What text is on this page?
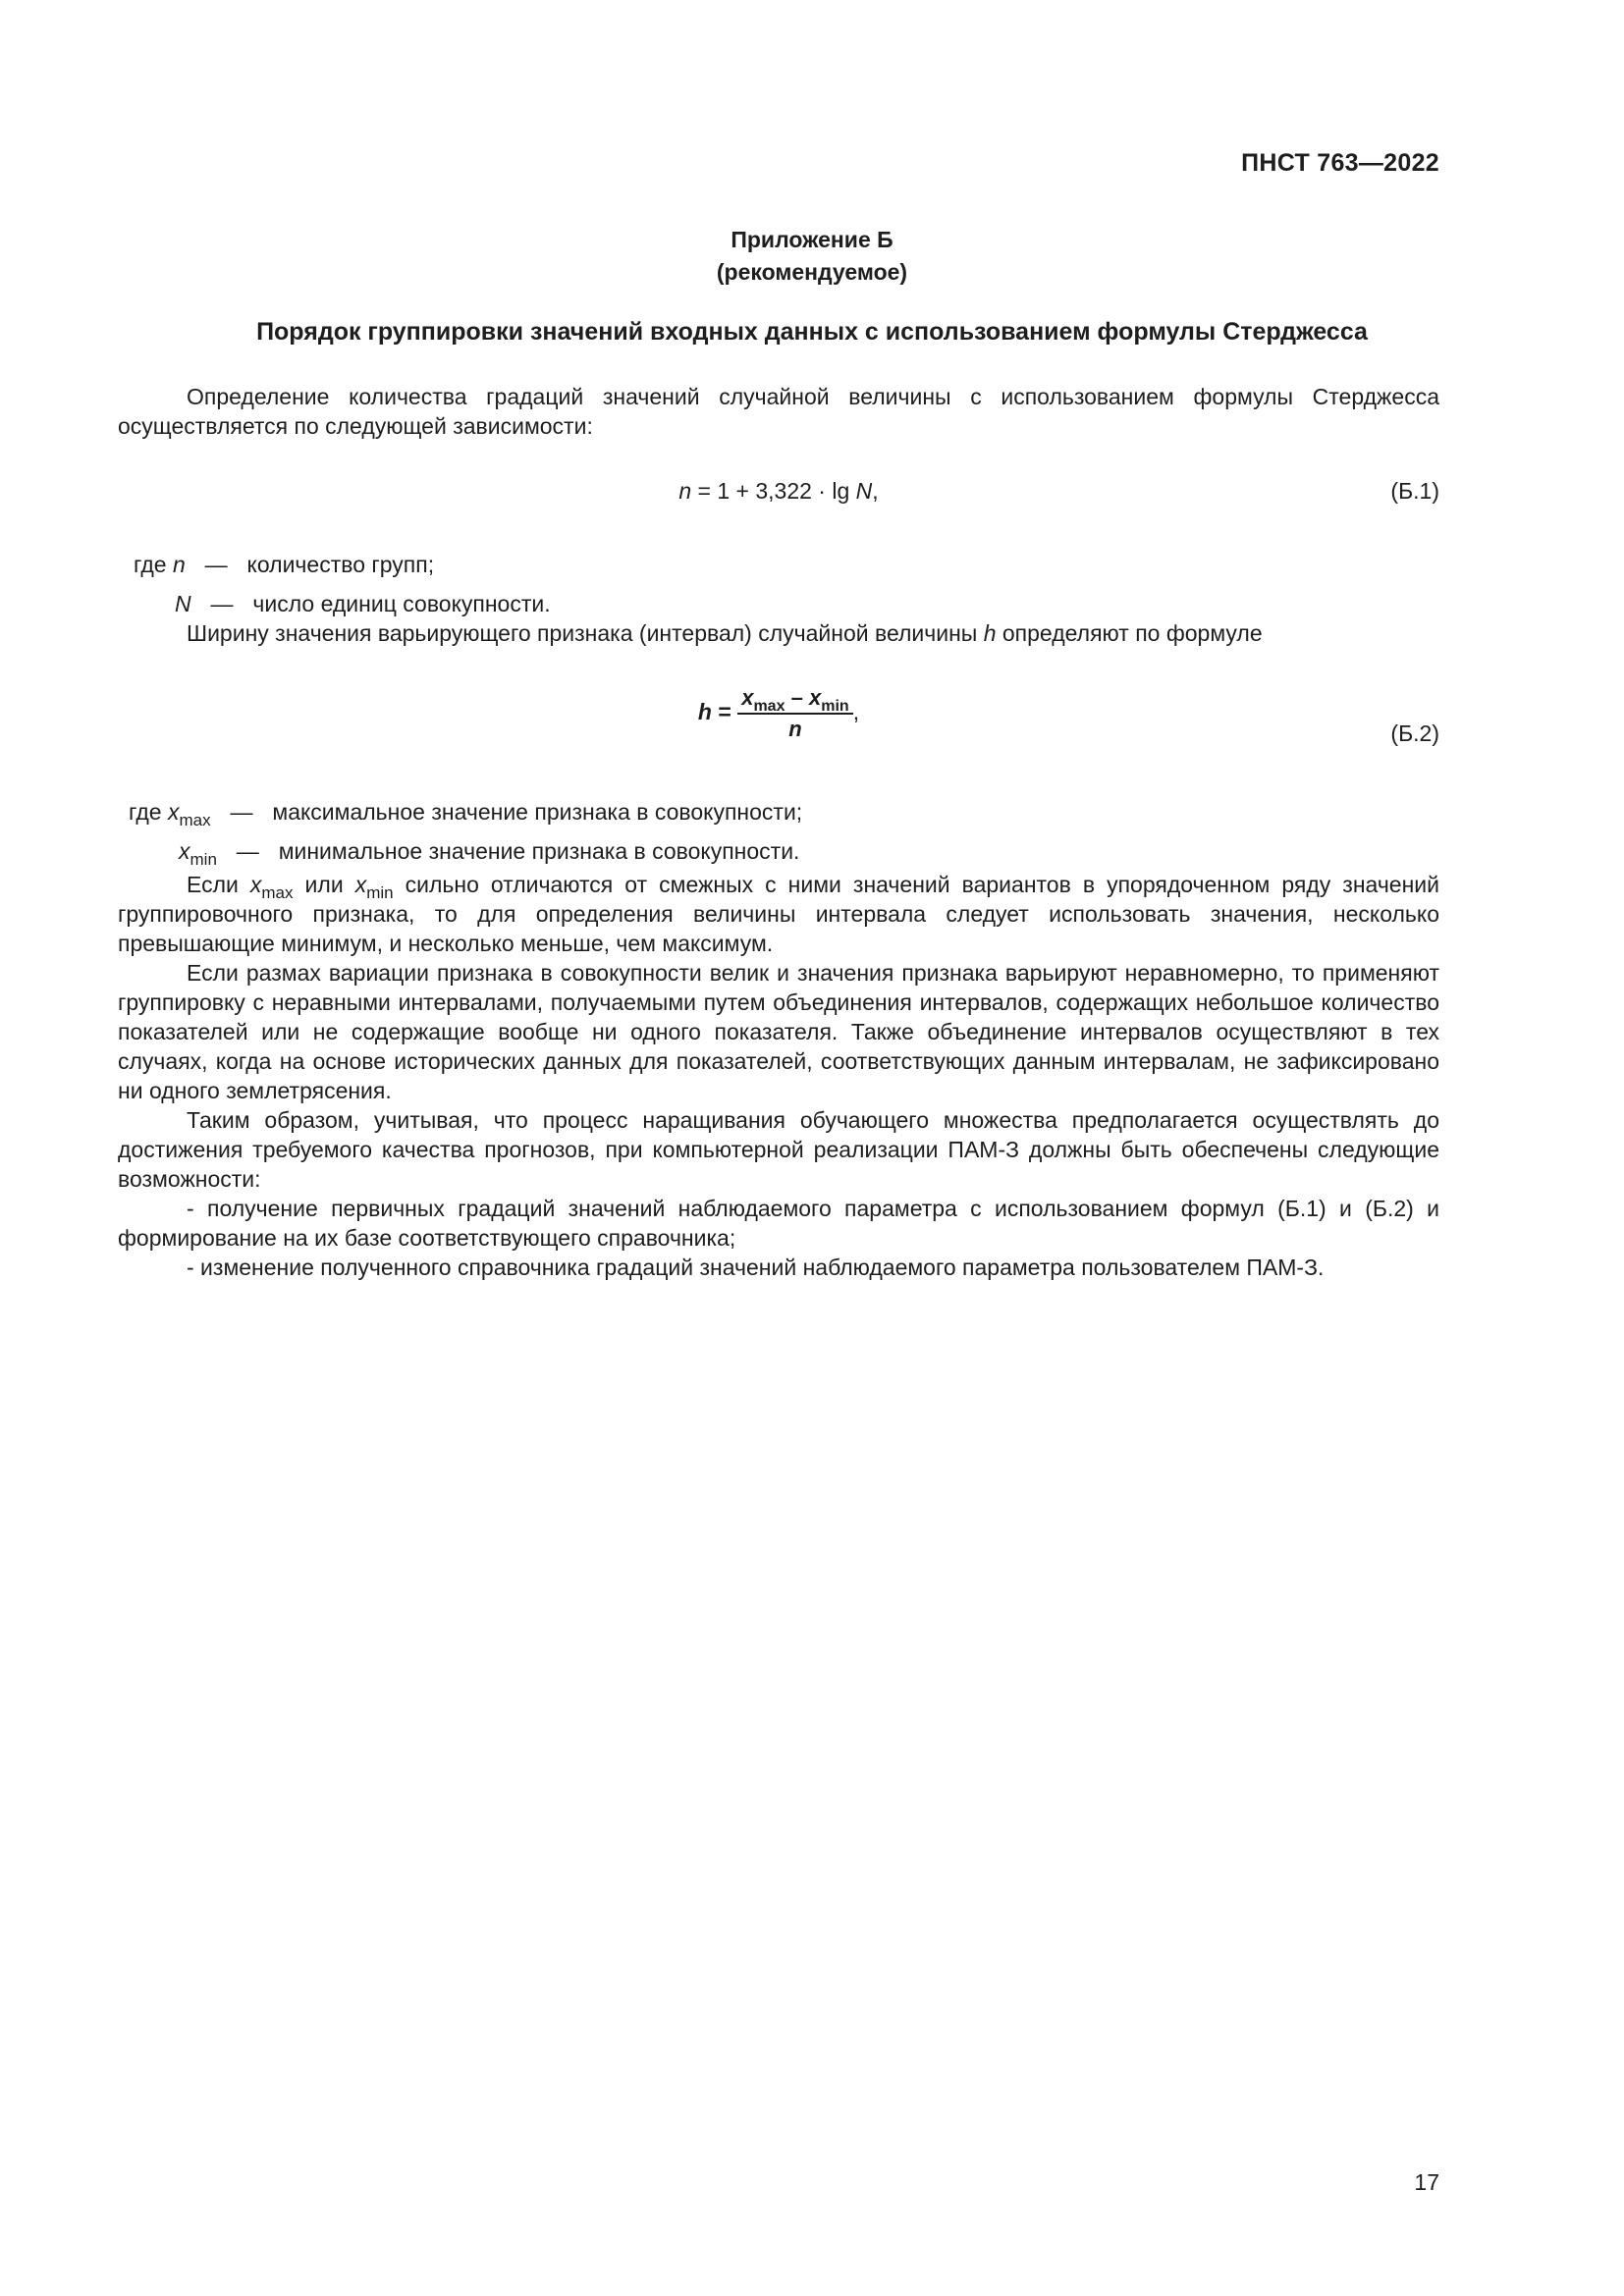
ПНСТ 763—2022
Приложение Б
(рекомендуемое)
Порядок группировки значений входных данных с использованием формулы Стерджесса

Определение количества градаций значений случайной величины с использованием формулы Стерджесса осуществляется по следующей зависимости:

n = 1 + 3,322 · lg N,	(Б.1)
где n — количество групп;
N — число единиц совокупности.

Ширину значения варьирующего признака (интервал) случайной величины h определяют по формуле

$h = \frac{x_{max} - x_{min}}{n}$ ,
(Б.2)
где $x_{max}$ — максимальное значение признака в совокупности;
$x_{min}$ — минимальное значение признака в совокупности.

Если $x_{max}$ или $x_{min}$ сильно отличаются от смежных с ними значений вариантов в упорядоченном ряду значений группировочного признака, то для определения величины интервала следует использовать значения, несколько превышающие минимум, и несколько меньше, чем максимум.

Если размах вариации признака в совокупности велик и значения признака варьируют неравномерно, то применяют группировку с неравными интервалами, получаемыми путем объединения интервалов, содержащих небольшое количество показателей или не содержащие вообще ни одного показателя. Также объединение интервалов осуществляют в тех случаях, когда на основе исторических данных для показателей, соответствующих данным интервалам, не зафиксировано ни одного землетрясения.

Таким образом, учитывая, что процесс наращивания обучающего множества предполагается осуществлять до достижения требуемого качества прогнозов, при компьютерной реализации ПАМ-З должны быть обеспечены следующие возможности:

- получение первичных градаций значений наблюдаемого параметра с использованием формул (Б.1) и (Б.2) и формирование на их базе соответствующего справочника;

- изменение полученного справочника градаций значений наблюдаемого параметра пользователем ПАМ-З.

17
